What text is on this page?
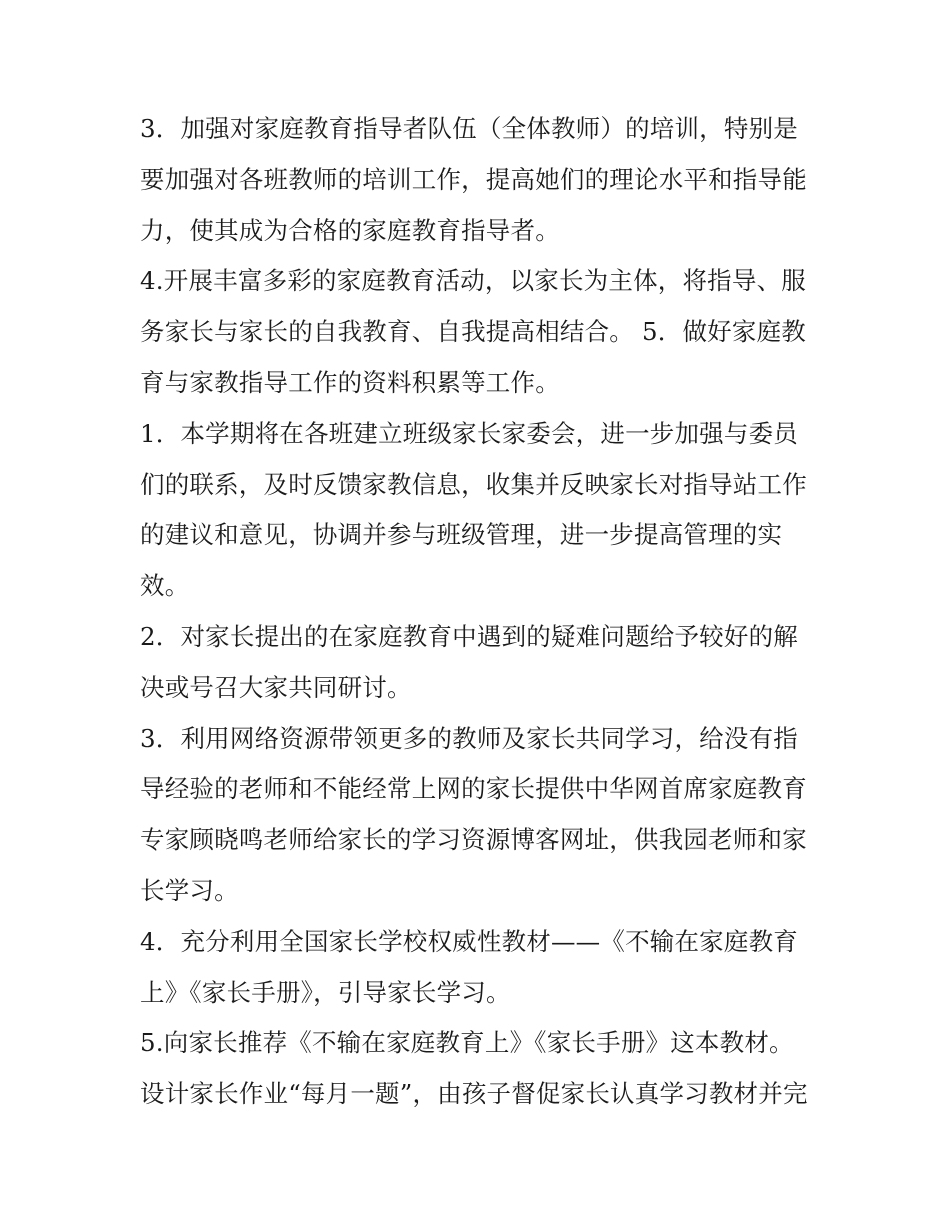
3．加强对家庭教育指导者队伍（全体教师）的培训，特别是
要加强对各班教师的培训工作，提高她们的理论水平和指导能
力，使其成为合格的家庭教育指导者。
4.开展丰富多彩的家庭教育活动，以家长为主体，将指导、服
务家长与家长的自我教育、自我提高相结合。 5．做好家庭教
育与家教指导工作的资料积累等工作。
1．本学期将在各班建立班级家长家委会，进一步加强与委员
们的联系，及时反馈家教信息，收集并反映家长对指导站工作
的建议和意见，协调并参与班级管理，进一步提高管理的实
效。
2．对家长提出的在家庭教育中遇到的疑难问题给予较好的解
决或号召大家共同研讨。
3．利用网络资源带领更多的教师及家长共同学习，给没有指
导经验的老师和不能经常上网的家长提供中华网首席家庭教育
专家顾晓鸣老师给家长的学习资源博客网址，供我园老师和家
长学习。
4．充分利用全国家长学校权威性教材——《不输在家庭教育
上》《家长手册》，引导家长学习。
5.向家长推荐《不输在家庭教育上》《家长手册》这本教材。
设计家长作业“每月一题”，由孩子督促家长认真学习教材并完
